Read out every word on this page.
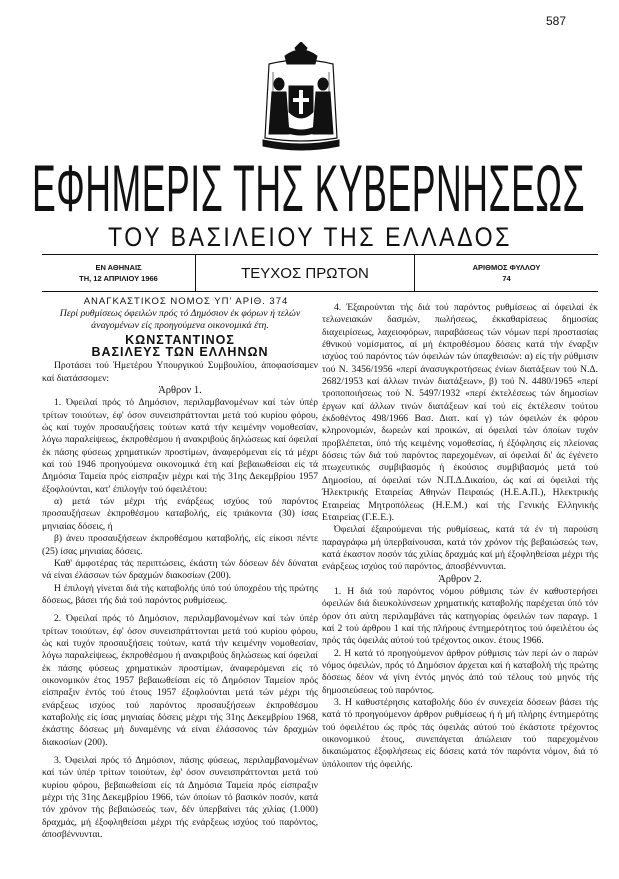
587
ΕΦΗΜΕΡΙΣ ΤΗΣ ΚΥΒΕΡΝΗΣΕΩΣ
ΤΟΥ ΒΑΣΙΛΕΙΟΥ ΤΗΣ ΕΛΛΑΔΟΣ
ΕΝ ΑΘΗΝΑΙΣ
ΤΗ, 12 ΑΠΡΙΛΙΟΥ 1966	ΤΕΥΧΟΣ ΠΡΩΤΟΝ	ΑΡΙΘΜΟΣ ΦΥΛΛΟΥ
74

ΑΝΑΓΚΑΣΤΙΚΟΣ ΝΟΜΟΣ ΥΠ' ΑΡΙΘ. 374

Περί ρυθμίσεως όφειλών πρός τό Δημόσιον έκ φόρων ή τελών άναγομένων είς προηγούμενα οικονομικά έτη.

ΚΩΝΣΤΑΝΤΙΝΟΣ

ΒΑΣΙΛΕΥΣ ΤΩΝ ΕΛΛΗΝΩΝ

Προτάσει τού Ήμετέρου Υπουργικού Συμβουλίου, άποφασίσαμεν καί διατάσσομεν:

Άρθρον 1.

1. Όφειλαί πρός τό Δημόσιον, περιλαμβανομένων καί τών ύπέρ τρίτων τοιούτων, έφ' όσον συνεισπράττονται μετά τού κυρίου φόρου, ώς καί τυχόν προσαυξήσεις τούτων κατά τήν κειμένην νομοθεσίαν, λόγω παραλείψεως, έκπροθέσμου ή ανακριβούς δηλώσεως καί όφειλαί έκ πάσης φύσεως χρηματικών προστίμων, άναφερόμεναι είς τά μέχρι καί τού 1946 προηγούμενα οικονομικά έτη καί βεβαιωθείσαι είς τά Δημόσια Ταμεία πρός είσπραξιν μέχρι καί τής 31ης Δεκεμβρίου 1957 έξοφλούνται, κατ' έπιλογήν τού όφειλέτου:

α) μετά τών μέχρι τής ενάρξεως ισχύος τού παρόντος προσαυξήσεων έκπροθέσμου καταβολής, είς τριάκοντα (30) ίσας μηνιαίας δόσεις, ή

β) άνευ προσαυξήσεων έκπροθέσμου καταβολής, είς είκοσι πέντε (25) ίσας μηνιαίας δόσεις.

Καθ' άμφοτέρας τάς περιπτώσεις, έκάστη τών δόσεων δέν δύναται νά είναι έλάσσων τών δραχμών διακοσίων (200).

Η έπιλογή γίνεται διά τής καταβολής ύπό τού ύποχρέου τής πρώτης δόσεως, βάσει τής διά τού παρόντος ρυθμίσεως.

2. Όφειλαί πρός τό Δημόσιον, περιλαμβανομένων καί τών ύπέρ τρίτων τοιούτων, έφ' όσον συνεισπράττονται μετά τού κυρίου φόρου, ώς καί τυχόν προσαυξήσεις τούτων, κατά τήν κειμένην νομοθεσίαν, λόγω παραλείψεως, έκπροθέσμου ή ανακριβούς δηλώσεως καί όφειλαί έκ πάσης φύσεως χρηματικών προστίμων, άναφερόμεναι είς τό οικονομικόν έτος 1957 βεβαιωθείσαι είς τό Δημόσιον Ταμείον πρός είσπραξιν έντός τού έτους 1957 έξοφλούνται μετά τών μέχρι τής ενάρξεως ισχύος τού παρόντος προσαυξήσεων έκπροθέσμου καταβολής είς ίσας μηνιαίας δόσεις μέχρι τής 31ης Δεκεμβρίου 1968, έκάστης δόσεως μή δυναμένης νά είναι έλάσσονος τών δραχμών διακοσίων (200).

3. Όφειλαί πρός τό Δημόσιον, πάσης φύσεως, περιλαμβανομένων καί τών ύπέρ τρίτων τοιούτων, έφ' όσον συνεισπράττονται μετά τού κυρίου φόρου, βεβαιωθείσαι είς τά Δημόσια Ταμεία πρός είσπραξιν μέχρι τής 31ης Δεκεμβρίου 1966, τών όποίων τό βασικόν ποσόν, κατά τόν χρόνον τής βεβαιώσεώς των, δέν ύπερβαίνει τάς χιλίας (1.000) δραχμάς, μή έξοφληθείσαι μέχρι τής ενάρξεως ισχύος τού παρόντος, άποσβέννυνται.

4. Έξαιρούνται τής διά τού παρόντος ρυθμίσεως αί όφειλαί έκ τελωνειακών δασμών, πωλήσεως, έκκαθαρίσεως δημοσίας διαχειρίσεως, λαχειοφόρων, παραβάσεως τών νόμων περί προστασίας έθνικού νομίσματος, αί μή έκπροθέσμου δόσεις κατά τήν έναρξιν ισχύος τού παρόντος τών όφειλών τών ύπαχθεισών: α) είς τήν ρύθμισιν τού Ν. 3456/1956 «περί άνασυγκροτήσεως ένίων διατάξεων τού Ν.Δ. 2682/1953 καί άλλων τινών διατάξεων», β) τού Ν. 4480/1965 «περί τροποποιήσεως τού Ν. 5497/1932 «περί έκτελέσεως τών δημοσίων έργων καί άλλων τινών διατάξεων καί τού είς έκτέλεσιν τούτου έκδοθέντος 498/1966 Βασ. Διατ. καί γ) τών όφειλών έκ φόρου κληρονομιών, δωρεών καί προικών, αί όφειλαί τών όποίων τυχόν προβλέπεται, ύπό τής κειμένης νομοθεσίας, ή έξόφλησις είς πλείονας δόσεις τών διά τού παρόντος παρεχομένων, αί όφειλαί δι' άς έγένετο πτωχευτικός συμβιβασμός ή έκούσιος συμβιβασμός μετά τού Δημοσίου, αί όφειλαί τών Ν.Π.Δ.Δικαίου, ώς καί αί όφειλαί τής Ήλεκτρικής Εταιρείας Αθηνών Πειραιώς (Η.Ε.Α.Π.), Ηλεκτρικής Εταιρείας Μητροπόλεως (Η.Ε.Μ.) καί τής Γενικής Ελληνικής Εταιρείας (Γ.Ε.Ε.).

Όφειλαί έξαιρούμεναι τής ρυθμίσεως, κατά τά έν τή παρούση παραγράφω μή ύπερβαίνουσαι, κατά τόν χρόνον τής βεβαιώσεώς των, κατά έκαστον ποσόν τάς χιλίας δραχμάς καί μή έξοφληθείσαι μέχρι τής ενάρξεως ισχύος τού παρόντος, άποσβέννυνται.

Άρθρον 2.

1. Η διά τού παρόντος νόμου ρύθμισις τών έν καθυστερήσει όφειλών διά διευκολύνσεων χρηματικής καταβολής παρέχεται ύπό τόν όρον ότι αύτη περιλαμβάνει τάς κατηγορίας όφειλών των παραγρ. 1 καί 2 τού άρθρου 1 καί τής πλήρους έντημερότητος τού όφειλέτου ώς πρός τάς όφειλάς αύτού τού τρέχοντος οικον. έτους 1966.

2. Η κατά τό προηγούμενον άρθρον ρύθμισις τών περί ών ο παρών νόμος όφειλών, πρός τό Δημόσιον άρχεται καί ή καταβολή τής πρώτης δόσεως δέον νά γίνη έντός μηνός άπό τού τέλους τού μηνός τής δημοσιεύσεως τού παρόντος.

3. Η καθυστέρησις καταβολής δύο έν συνεχεία δόσεων βάσει τής κατά τό προηγούμενον άρθρον ρυθμίσεως ή ή μή πλήρης έντημερότης τού όφειλέτου ώς πρός τάς όφειλάς αύτού τού έκάστοτε τρέχοντος οικονομικού έτους, συνεπάγεται άπώλειαν τού παρεχομένου δικαιώματος έξοφλήσεως είς δόσεις κατά τόν παρόντα νόμον, διά τό ύπόλοιπον τής όφειλής.
